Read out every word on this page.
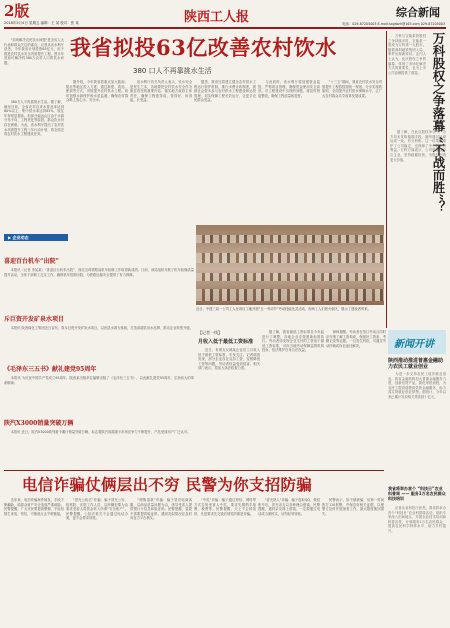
2版
2018年5月4日 星期五 编辑：王 某 校对：张 某	陕西工人报	综合新闻
电话：029-87205003 E-mail:sxgrbzh@163.com 029-87205003
我省拟投63亿改善农村饮水
380 口人不再靠挑水生活
　　“如何解决农民饮水问题”是全省人大代表和群众关注的重点。记者从省水利厅获悉，今年我省计划投资63亿元，用于推进农村饮水安全巩固提升工程，预计年底前可解决约380万农村人口的饮水问题。
　　380万人不再靠挑水生活。据了解，截至目前，全省农村自来水普及率达到80%以上，集中供水率达到85%，较往年有明显提高。但部分偏远山区由于水源分布不均、工程老化等原因，群众饮水仍存在困难。为此，省水利厅提出了农村饮水巩固提升工程三年行动计划，将全面完成农村饮水工程建设任务。
　　据介绍，今年我省将重点加大陕南、陕北等地区投入力度，通过新建、改造、配套等方式，巩固提升农村供水工程。同时加强水源保护和水质监测，确保农村群众喝上放心水、安全水。
　　省水利厅有关负责人表示，饮水安全是民生之本，各地要把农村饮水安全作为脱贫攻坚的重要内容，落实地方政府主体责任，确保工程建得成、管得好、用得起、长受益。
　　据悉，我省还将建立健全农村供水工程运行管护机制，推行水费计收制度，鼓励社会资本参与农村供水工程建设和运营管理，切实保障工程长效运行，让更多农民群众受益。
　　与此同时，省水利厅将加强资金监管，严格项目管理，确保资金使用安全高效。对工程建设中出现的问题，将及时督促整改，确保工程质量和进度。
　　“十三五”期间，我省农村饮水安全巩固提升工程将按照统一规划、分步实施的原则，全面提升农村供水保障水平，让广大农村群众共享改革发展成果。	万科股权之争落幕 “不战而胜”？
　　万科与宝能系的股权之争持续多时，宝能系一度成为万科第一大股东。随着深圳地铁集团入局，事件出现新转折。业内人士认为，此次股权之争的落幕，体现了市场化解决方式的重要性，也为上市公司治理提供了借鉴。
　　据了解，在此次股权争夺中，各方均未采取极端手段，最终通过协商达成一致。有分析称，这一结果既维护了公司稳定，也保障了中小股东的利益。万科方面表示，公司将继续专注主业，坚持稳健经营，为股东创造更大价值。
近日，中建三局一公司工人在项目工地开展“五一劳动节”劳动技能比武活动，现场工人们热火朝天，展示了建设者风采。
▶ 企业动态
喜迎百台机车“出院”
　　本报讯（记者 李某某）“喜迎百台机车出院”，西北宝鸡铁路局机车检修工作取得新成绩。日前，该局组织开展了机车检修质量提升活动，全体干部职工扎实工作，确保机车按期出院，为铁路运输安全提供了有力保障。
斥巨资开发矿泉水项目
　　本报讯 陕西煤化工集团近日宣布，将斥巨资开发矿泉水项目，以优质水源为基础，打造高端饮用水品牌，推动企业转型升级。
《毛泽东三五书》献礼建党95周年
　　本报讯 为庆祝中国共产党成立95周年，陕西某出版单位编辑出版了《毛泽东三五书》，以此献礼建党95周年，弘扬伟大的革命精神。
陕汽X3000销量突破万辆
　　本报讯 近日，陕汽X3000系列重卡累计销量突破万辆，标志着陕汽高端重卡市场竞争力不断提升，产品受到用户广泛认可。
【记者一线】
月收入低于最低工资标准
　　近日，有网友反映某企业员工月收入低于最低工资标准，引发关注。记者调查发现，部分企业存在克扣工资、变相降低工资等问题，劳动者权益受到侵害。相关部门表示，将加大执法检查力度。
　　据了解，我省最低工资标准自今年起进行了调整，各地企业应按照新标准执行。劳动者如发现企业支付的工资低于最低工资标准，可向当地劳动保障监察机构投诉，依法维护自身合法权益。
　　律师提醒，劳动者在签订劳动合同时应仔细了解工资构成，保留好工资条、考勤记录等证据，一旦发生纠纷，可通过劳动仲裁或诉讼途径解决。	新闻开讲
陕西推动推进普惠金融助力农民工就业创业
　　为进一步支持农民工返乡就业创业，我省金融机构加大普惠金融服务力度，创新信贷产品，简化审批流程，为农民工提供便捷高效的金融服务，助力其实现就业创业梦想。据统计，今年以来已累计发放相关贷款数十亿元。
我省将举办首个 “科技日”农业科普周 —— 服务1万名农民群众科技培训
　　记者从省科技厅获悉，我省将举办首个“科技日”农业科普周活动，组织专家深入田间地头，开展农业技术培训和科普宣传，计划服务1万名农民群众，提高农民科学种养水平，助力乡村振兴。
电信诈骗仗俩层出不穷 民警为你支招防骗
　　近年来，电信诈骗案件频发，手段不断翻新，给群众财产安全造成严重威胁。民警提醒，广大市民要提高警惕，不轻信陌生来电、短信，不随意点击不明链接。
　　“冒充公检法”诈骗：骗子冒充公安、检察院、法院工作人员，以涉嫌犯罪为由要求受害人将资金转入所谓“安全账户”。民警提醒，公检法机关不会通过电话办案，更不会要求转账。
　　“网购退款”诈骗：骗子冒充电商客服，以商品质量问题为由，诱导受害人提供银行卡信息和验证码。民警提醒，退款不需要提供验证码，遇到类似情况应及时向官方平台核实。
　　“中奖”诈骗：骗子通过短信、网络等方式告知受害人中奖，要求先缴纳手续费、税费等。民警提醒，天上不会掉馅饼，凡是要求先交钱后领奖的都是诈骗。
　　“冒充熟人”诈骗：骗子盗取QQ、微信账号后，冒充亲友以各种理由借钱。民警提醒，遇到亲友网上借钱，一定要通过电话或当面核实，切勿轻易转账。
　　民警表示，如不慎被骗，应第一时间拨打110报警，并保存好相关证据，以便警方及时开展侦查工作，最大限度挽回损失。
